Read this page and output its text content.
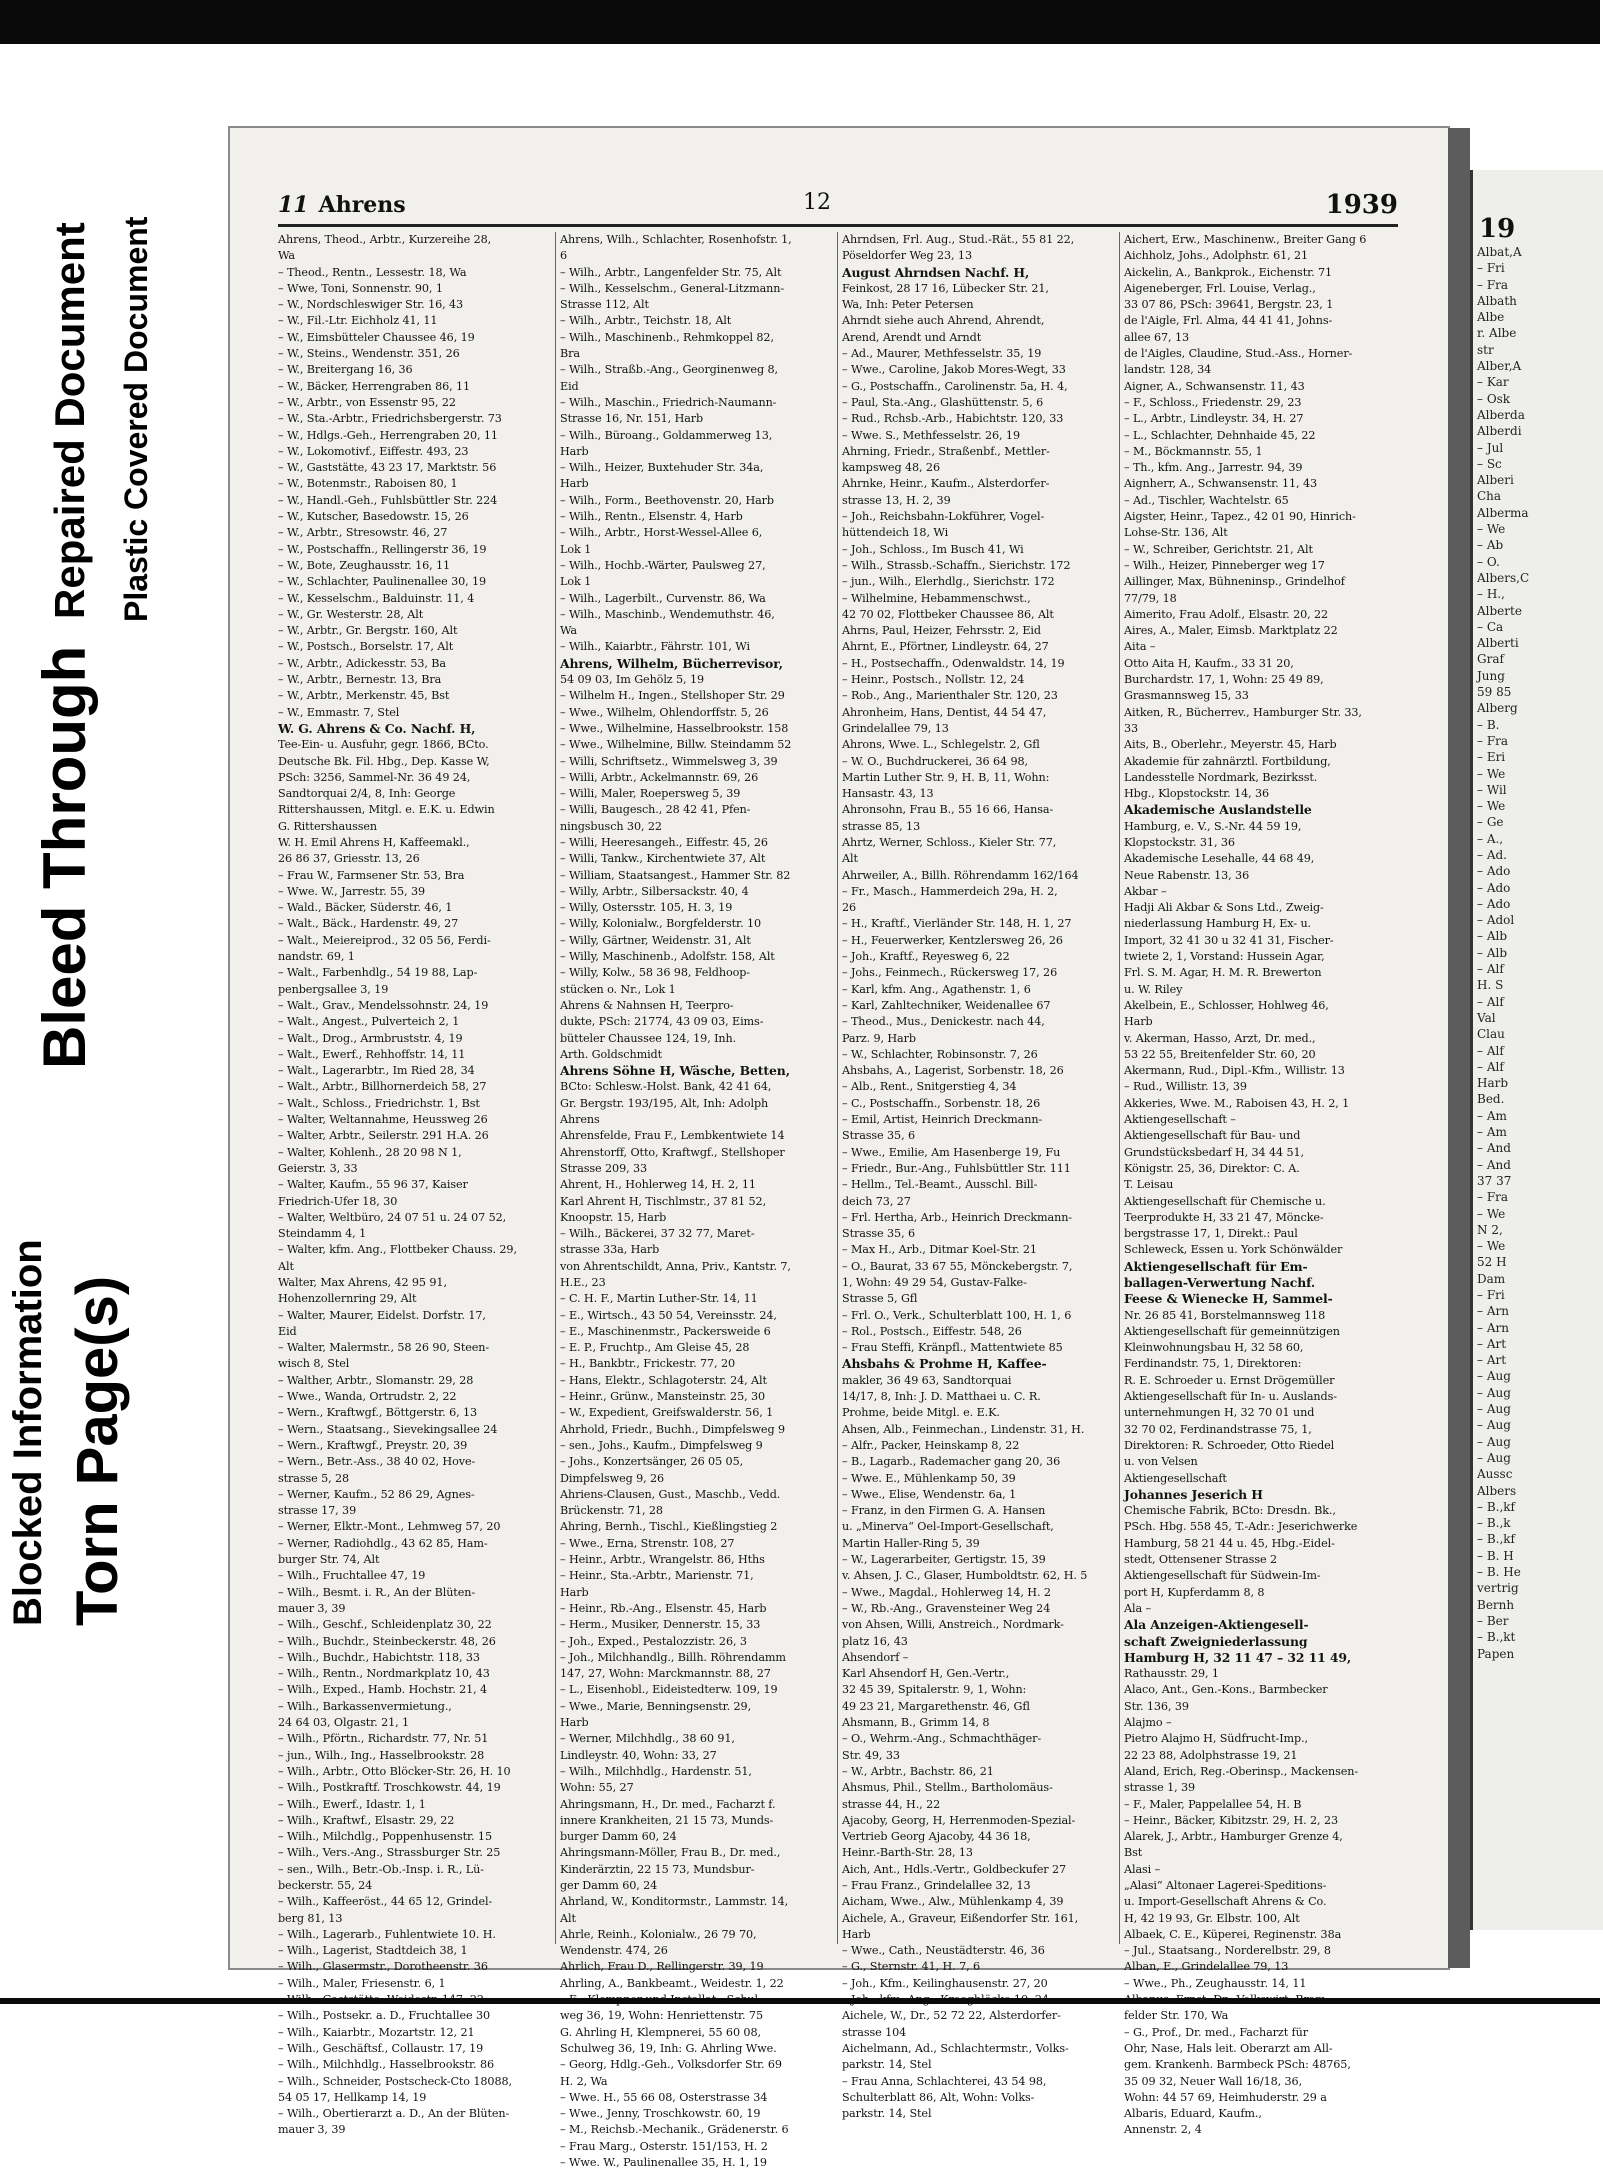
Blocked Information Torn Page(s)
Bleed Through
Repaired Document Plastic Covered Document
11 Ahrens	12	1939
Ahrens, Theod., Arbtr., Kurzereihe 28,
Wa
– Theod., Rentn., Lessestr. 18, Wa
– Wwe, Toni, Sonnenstr. 90, 1
– W., Nordschleswiger Str. 16, 43
– W., Fil.-Ltr. Eichholz 41, 11
– W., Eimsbütteler Chaussee 46, 19
– W., Steins., Wendenstr. 351, 26
– W., Breitergang 16, 36
– W., Bäcker, Herrengraben 86, 11
– W., Arbtr., von Essenstr 95, 22
– W., Sta.-Arbtr., Friedrichsbergerstr. 73
– W., Hdlgs.-Geh., Herrengraben 20, 11
– W., Lokomotivf., Eiffestr. 493, 23
– W., Gaststätte, 43 23 17, Marktstr. 56
– W., Botenmstr., Raboisen 80, 1
– W., Handl.-Geh., Fuhlsbüttler Str. 224
– W., Kutscher, Basedowstr. 15, 26
– W., Arbtr., Stresowstr. 46, 27
– W., Postschaffn., Rellingerstr 36, 19
– W., Bote, Zeughausstr. 16, 11
– W., Schlachter, Paulinenallee 30, 19
– W., Kesselschm., Balduinstr. 11, 4
– W., Gr. Westerstr. 28, Alt
– W., Arbtr., Gr. Bergstr. 160, Alt
– W., Postsch., Borselstr. 17, Alt
– W., Arbtr., Adickesstr. 53, Ba
– W., Arbtr., Bernestr. 13, Bra
– W., Arbtr., Merkenstr. 45, Bst
– W., Emmastr. 7, Stel
W. G. Ahrens & Co. Nachf. H,
Tee-Ein- u. Ausfuhr, gegr. 1866, BCto.
Deutsche Bk. Fil. Hbg., Dep. Kasse W,
PSch: 3256, Sammel-Nr. 36 49 24,
Sandtorquai 2/4, 8, Inh: George
Rittershaussen, Mitgl. e. E.K. u. Edwin
G. Rittershaussen
W. H. Emil Ahrens H, Kaffeemakl.,
26 86 37, Griesstr. 13, 26
– Frau W., Farmsener Str. 53, Bra
– Wwe. W., Jarrestr. 55, 39
– Wald., Bäcker, Süderstr. 46, 1
– Walt., Bäck., Hardenstr. 49, 27
– Walt., Meiereiprod., 32 05 56, Ferdi-
nandstr. 69, 1
– Walt., Farbenhdlg., 54 19 88, Lap-
penbergsallee 3, 19
– Walt., Grav., Mendelssohnstr. 24, 19
– Walt., Angest., Pulverteich 2, 1
– Walt., Drog., Armbruststr. 4, 19
– Walt., Ewerf., Rehhoffstr. 14, 11
– Walt., Lagerarbtr., Im Ried 28, 34
– Walt., Arbtr., Billhornerdeich 58, 27
– Walt., Schloss., Friedrichstr. 1, Bst
– Walter, Weltannahme, Heussweg 26
– Walter, Arbtr., Seilerstr. 291 H.A. 26
– Walter, Kohlenh., 28 20 98 N 1,
Geierstr. 3, 33
– Walter, Kaufm., 55 96 37, Kaiser
Friedrich-Ufer 18, 30
– Walter, Weltbüro, 24 07 51 u. 24 07 52,
Steindamm 4, 1
– Walter, kfm. Ang., Flottbeker Chauss. 29,
Alt
Walter, Max Ahrens, 42 95 91,
Hohenzollernring 29, Alt
– Walter, Maurer, Eidelst. Dorfstr. 17,
Eid
– Walter, Malermstr., 58 26 90, Steen-
wisch 8, Stel
– Walther, Arbtr., Slomanstr. 29, 28
– Wwe., Wanda, Ortrudstr. 2, 22
– Wern., Kraftwgf., Böttgerstr. 6, 13
– Wern., Staatsang., Sievekingsallee 24
– Wern., Kraftwgf., Preystr. 20, 39
– Wern., Betr.-Ass., 38 40 02, Hove-
strasse 5, 28
– Werner, Kaufm., 52 86 29, Agnes-
strasse 17, 39
– Werner, Elktr.-Mont., Lehmweg 57, 20
– Werner, Radiohdlg., 43 62 85, Ham-
burger Str. 74, Alt
– Wilh., Fruchtallee 47, 19
– Wilh., Besmt. i. R., An der Blüten-
mauer 3, 39
– Wilh., Geschf., Schleidenplatz 30, 22
– Wilh., Buchdr., Steinbeckerstr. 48, 26
– Wilh., Buchdr., Habichtstr. 118, 33
– Wilh., Rentn., Nordmarkplatz 10, 43
– Wilh., Exped., Hamb. Hochstr. 21, 4
– Wilh., Barkassenvermietung.,
24 64 03, Olgastr. 21, 1
– Wilh., Pförtn., Richardstr. 77, Nr. 51
– jun., Wilh., Ing., Hasselbrookstr. 28
– Wilh., Arbtr., Otto Blöcker-Str. 26, H. 10
– Wilh., Postkraftf. Troschkowstr. 44, 19
– Wilh., Ewerf., Idastr. 1, 1
– Wilh., Kraftwf., Elsastr. 29, 22
– Wilh., Milchdlg., Poppenhusenstr. 15
– Wilh., Vers.-Ang., Strassburger Str. 25
– sen., Wilh., Betr.-Ob.-Insp. i. R., Lü-
beckerstr. 55, 24
– Wilh., Kaffeeröst., 44 65 12, Grindel-
berg 81, 13
– Wilh., Lagerarb., Fuhlentwiete 10. H.
– Wilh., Lagerist, Stadtdeich 38, 1
– Wilh., Glasermstr., Dorotheenstr. 36
– Wilh., Maler, Friesenstr. 6, 1
– Wilh., Postsekr. a. D., Fruchtallee 30
– Wilh., Kaiarbtr., Mozartstr. 12, 21
– Wilh., Geschäftsf., Collaustr. 17, 19
– Wilh., Milchhdlg., Hasselbrookstr. 86
– Wilh., Schneider, Postscheck-Cto 18088,
54 05 17, Hellkamp 14, 19
– Wilh., Obertierarzt a. D., An der Blüten-
mauer 3, 39
Ahrens, Wilh., Schlachter, Rosenhofstr. 1,
6
– Wilh., Arbtr., Langenfelder Str. 75, Alt
– Wilh., Kesselschm., General-Litzmann-
Strasse 112, Alt
– Wilh., Arbtr., Teichstr. 18, Alt
– Wilh., Maschinenb., Rehmkoppel 82,
Bra
– Wilh., Straßb.-Ang., Georginenweg 8,
Eid
– Wilh., Maschin., Friedrich-Naumann-
Strasse 16, Nr. 151, Harb
– Wilh., Büroang., Goldammerweg 13,
Harb
– Wilh., Heizer, Buxtehuder Str. 34a,
Harb
– Wilh., Form., Beethovenstr. 20, Harb
– Wilh., Rentn., Elsenstr. 4, Harb
– Wilh., Arbtr., Horst-Wessel-Allee 6,
Lok 1
– Wilh., Hochb.-Wärter, Paulsweg 27,
Lok 1
– Wilh., Lagerbilt., Curvenstr. 86, Wa
– Wilh., Maschinb., Wendemuthstr. 46,
Wa
– Wilh., Kaiarbtr., Fährstr. 101, Wi
Ahrens, Wilhelm, Bücherrevisor,
54 09 03, Im Gehölz 5, 19
– Wilhelm H., Ingen., Stellshoper Str. 29
– Wwe., Wilhelm, Ohlendorffstr. 5, 26
– Wwe., Wilhelmine, Hasselbrookstr. 158
– Wwe., Wilhelmine, Billw. Steindamm 52
– Willi, Schriftsetz., Wimmelsweg 3, 39
– Willi, Arbtr., Ackelmannstr. 69, 26
– Willi, Maler, Roepersweg 5, 39
– Willi, Baugesch., 28 42 41, Pfen-
ningsbusch 30, 22
– Willi, Heeresangeh., Eiffestr. 45, 26
– Willi, Tankw., Kirchentwiete 37, Alt
– William, Staatsangest., Hammer Str. 82
– Willy, Arbtr., Silbersackstr. 40, 4
– Willy, Ostersstr. 105, H. 3, 19
– Willy, Kolonialw., Borgfelderstr. 10
– Willy, Gärtner, Weidenstr. 31, Alt
– Willy, Maschinenb., Adolfstr. 158, Alt
– Willy, Kolw., 58 36 98, Feldhoop-
stücken o. Nr., Lok 1
Ahrens & Nahnsen H, Teerpro-
dukte, PSch: 21774, 43 09 03, Eims-
bütteler Chaussee 124, 19, Inh.
Arth. Goldschmidt
Ahrens Söhne H, Wäsche, Betten,
BCto: Schlesw.-Holst. Bank, 42 41 64,
Gr. Bergstr. 193/195, Alt, Inh: Adolph
Ahrens
Ahrensfelde, Frau F., Lembkentwiete 14
Ahrenstorff, Otto, Kraftwgf., Stellshoper
Strasse 209, 33
Ahrent, H., Hohlerweg 14, H. 2, 11
Karl Ahrent H, Tischlmstr., 37 81 52,
Knoopstr. 15, Harb
– Wilh., Bäckerei, 37 32 77, Maret-
strasse 33a, Harb
von Ahrentschildt, Anna, Priv., Kantstr. 7,
H.E., 23
– C. H. F., Martin Luther-Str. 14, 11
– E., Wirtsch., 43 50 54, Vereinsstr. 24,
– E., Maschinenmstr., Packersweide 6
– E. P., Fruchtp., Am Gleise 45, 28
– H., Bankbtr., Frickestr. 77, 20
– Hans, Elektr., Schlagoterstr. 24, Alt
– Heinr., Grünw., Mansteinstr. 25, 30
– W., Expedient, Greifswalderstr. 56, 1
Ahrhold, Friedr., Buchh., Dimpfelsweg 9
– sen., Johs., Kaufm., Dimpfelsweg 9
– Johs., Konzertsänger, 26 05 05,
Dimpfelsweg 9, 26
Ahriens-Clausen, Gust., Maschb., Vedd.
Brückenstr. 71, 28
Ahring, Bernh., Tischl., Kießlingstieg 2
– Wwe., Erna, Strenstr. 108, 27
– Heinr., Arbtr., Wrangelstr. 86, Hths
– Heinr., Sta.-Arbtr., Marienstr. 71,
Harb
– Heinr., Rb.-Ang., Elsenstr. 45, Harb
– Herm., Musiker, Dennerstr. 15, 33
– Joh., Exped., Pestalozzistr. 26, 3
– Joh., Milchhandlg., Billh. Röhrendamm
147, 27, Wohn: Marckmannstr. 88, 27
– L., Eisenhobl., Eideistedterw. 109, 19
– Wwe., Marie, Benningsenstr. 29,
Harb
– Werner, Milchhdlg., 38 60 91,
Lindleystr. 40, Wohn: 33, 27
– Wilh., Milchhdlg., Hardenstr. 51,
Wohn: 55, 27
Ahringsmann, H., Dr. med., Facharzt f.
innere Krankheiten, 21 15 73, Munds-
burger Damm 60, 24
Ahringsmann-Möller, Frau B., Dr. med.,
Kinderärztin, 22 15 73, Mundsbur-
ger Damm 60, 24
Ahrland, W., Konditormstr., Lammstr. 14,
Alt
Ahrle, Reinh., Kolonialw., 26 79 70,
Wendenstr. 474, 26
Ahrlich, Frau D., Rellingerstr. 39, 19
Ahrling, A., Bankbeamt., Weidestr. 1, 22
weg 36, 19, Wohn: Henriettenstr. 75
G. Ahrling H, Klempnerei, 55 60 08,
Schulweg 36, 19, Inh: G. Ahrling Wwe.
– Georg, Hdlg.-Geh., Volksdorfer Str. 69
H. 2, Wa
– Wwe. H., 55 66 08, Osterstrasse 34
– Wwe., Jenny, Troschkowstr. 60, 19
– M., Reichsb.-Mechanik., Grädenerstr. 6
– Frau Marg., Osterstr. 151/153, H. 2
– Wwe. W., Paulinenallee 35, H. 1, 19
Ahrndsen, Frl. Aug., Stud.-Rät., 55 81 22,
Pöseldorfer Weg 23, 13
August Ahrndsen Nachf. H,
Feinkost, 28 17 16, Lübecker Str. 21,
Wa, Inh: Peter Petersen
Ahrndt siehe auch Ahrend, Ahrendt,
Arend, Arendt und Arndt
– Ad., Maurer, Methfesselstr. 35, 19
– Wwe., Caroline, Jakob Mores-Wegt, 33
– G., Postschaffn., Carolinenstr. 5a, H. 4,
– Paul, Sta.-Ang., Glashüttenstr. 5, 6
– Rud., Rchsb.-Arb., Habichtstr. 120, 33
– Wwe. S., Methfesselstr. 26, 19
Ahrning, Friedr., Straßenbf., Mettler-
kampsweg 48, 26
Ahrnke, Heinr., Kaufm., Alsterdorfer-
strasse 13, H. 2, 39
– Joh., Reichsbahn-Lokführer, Vogel-
hüttendeich 18, Wi
– Joh., Schloss., Im Busch 41, Wi
– Wilh., Strassb.-Schaffn., Sierichstr. 172
– jun., Wilh., Elerhdlg., Sierichstr. 172
– Wilhelmine, Hebammenschwst.,
42 70 02, Flottbeker Chaussee 86, Alt
Ahrns, Paul, Heizer, Fehrsstr. 2, Eid
Ahrnt, E., Pförtner, Lindleystr. 64, 27
– H., Postsechaffn., Odenwaldstr. 14, 19
– Heinr., Postsch., Nollstr. 12, 24
– Rob., Ang., Marienthaler Str. 120, 23
Ahronheim, Hans, Dentist, 44 54 47,
Grindelallee 79, 13
Ahrons, Wwe. L., Schlegelstr. 2, Gfl
– W. O., Buchdruckerei, 36 64 98,
Martin Luther Str. 9, H. B, 11, Wohn:
Hansastr. 43, 13
Ahronsohn, Frau B., 55 16 66, Hansa-
strasse 85, 13
Ahrtz, Werner, Schloss., Kieler Str. 77,
Alt
Ahrweiler, A., Billh. Röhrendamm 162/164
– Fr., Masch., Hammerdeich 29a, H. 2,
26
– H., Kraftf., Vierländer Str. 148, H. 1, 27
– H., Feuerwerker, Kentzlersweg 26, 26
– Joh., Kraftf., Reyesweg 6, 22
– Johs., Feinmech., Rückersweg 17, 26
– Karl, kfm. Ang., Agathenstr. 1, 6
– Karl, Zahltechniker, Weidenallee 67
– Theod., Mus., Denickestr. nach 44,
Parz. 9, Harb
– W., Schlachter, Robinsonstr. 7, 26
Ahsbahs, A., Lagerist, Sorbenstr. 18, 26
– Alb., Rent., Snitgerstieg 4, 34
– C., Postschaffn., Sorbenstr. 18, 26
– Emil, Artist, Heinrich Dreckmann-
Strasse 35, 6
– Wwe., Emilie, Am Hasenberge 19, Fu
– Friedr., Bur.-Ang., Fuhlsbüttler Str. 111
– Hellm., Tel.-Beamt., Ausschl. Bill-
deich 73, 27
– Frl. Hertha, Arb., Heinrich Dreckmann-
Strasse 35, 6
– Max H., Arb., Ditmar Koel-Str. 21
– O., Baurat, 33 67 55, Mönckebergstr. 7,
1, Wohn: 49 29 54, Gustav-Falke-
Strasse 5, Gfl
– Frl. O., Verk., Schulterblatt 100, H. 1, 6
– Rol., Postsch., Eiffestr. 548, 26
– Frau Steffi, Kränpfl., Mattentwiete 85
Ahsbahs & Prohme H, Kaffee-
makler, 36 49 63, Sandtorquai
14/17, 8, Inh: J. D. Matthaei u. C. R.
Prohme, beide Mitgl. e. E.K.
Ahsen, Alb., Feinmechan., Lindenstr. 31, H.
– Alfr., Packer, Heinskamp 8, 22
– B., Lagarb., Rademacher gang 20, 36
– Wwe. E., Mühlenkamp 50, 39
– Wwe., Elise, Wendenstr. 6a, 1
– Franz, in den Firmen G. A. Hansen
u. „Minerva“ Oel-Import-Gesellschaft,
Martin Haller-Ring 5, 39
– W., Lagerarbeiter, Gertigstr. 15, 39
v. Ahsen, J. C., Glaser, Humboldtstr. 62, H. 5
– Wwe., Magdal., Hohlerweg 14, H. 2
– W., Rb.-Ang., Gravensteiner Weg 24
von Ahsen, Willi, Anstreich., Nordmark-
platz 16, 43
Ahsendorf –
Karl Ahsendorf H, Gen.-Vertr.,
32 45 39, Spitalerstr. 9, 1, Wohn:
49 23 21, Margarethenstr. 46, Gfl
Ahsmann, B., Grimm 14, 8
– O., Wehrm.-Ang., Schmachthäger-
Str. 49, 33
– W., Arbtr., Bachstr. 86, 21
Ahsmus, Phil., Stellm., Bartholomäus-
strasse 44, H., 22
Ajacoby, Georg, H, Herrenmoden-Spezial-
Vertrieb Georg Ajacoby, 44 36 18,
Heinr.-Barth-Str. 28, 13
Aich, Ant., Hdls.-Vertr., Goldbeckufer 27
– Frau Franz., Grindelallee 32, 13
Aicham, Wwe., Alw., Mühlenkamp 4, 39
Aichele, A., Graveur, Eißendorfer Str. 161,
Harb
– Wwe., Cath., Neustädterstr. 46, 36
– G., Sternstr. 41, H. 7, 6
– Joh., Kfm., Keilinghausenstr. 27, 20
Aichele, W., Dr., 52 72 22, Alsterdorfer-
strasse 104
Aichelmann, Ad., Schlachtermstr., Volks-
parkstr. 14, Stel
– Frau Anna, Schlachterei, 43 54 98,
Schulterblatt 86, Alt, Wohn: Volks-
parkstr. 14, Stel
Aichert, Erw., Maschinenw., Breiter Gang 6
Aichholz, Johs., Adolphstr. 61, 21
Aickelin, A., Bankprok., Eichenstr. 71
Aigeneberger, Frl. Louise, Verlag.,
33 07 86, PSch: 39641, Bergstr. 23, 1
de l'Aigle, Frl. Alma, 44 41 41, Johns-
allee 67, 13
de l'Aigles, Claudine, Stud.-Ass., Horner-
landstr. 128, 34
Aigner, A., Schwansenstr. 11, 43
– F., Schloss., Friedenstr. 29, 23
– L., Arbtr., Lindleystr. 34, H. 27
– L., Schlachter, Dehnhaide 45, 22
– M., Böckmannstr. 55, 1
– Th., kfm. Ang., Jarrestr. 94, 39
Aignherr, A., Schwansenstr. 11, 43
– Ad., Tischler, Wachtelstr. 65
Aigster, Heinr., Tapez., 42 01 90, Hinrich-
Lohse-Str. 136, Alt
– W., Schreiber, Gerichtstr. 21, Alt
– Wilh., Heizer, Pinneberger weg 17
Aillinger, Max, Bühneninsp., Grindelhof
77/79, 18
Aimerito, Frau Adolf., Elsastr. 20, 22
Aires, A., Maler, Eimsb. Marktplatz 22
Aita –
Otto Aita H, Kaufm., 33 31 20,
Burchardstr. 17, 1, Wohn: 25 49 89,
Grasmannsweg 15, 33
Aitken, R., Bücherrev., Hamburger Str. 33,
33
Aits, B., Oberlehr., Meyerstr. 45, Harb
Akademie für zahnärztl. Fortbildung,
Landesstelle Nordmark, Bezirksst.
Hbg., Klopstockstr. 14, 36
Akademische Auslandstelle
Hamburg, e. V., S.-Nr. 44 59 19,
Klopstockstr. 31, 36
Akademische Lesehalle, 44 68 49,
Neue Rabenstr. 13, 36
Akbar –
Hadji Ali Akbar & Sons Ltd., Zweig-
niederlassung Hamburg H, Ex- u.
Import, 32 41 30 u 32 41 31, Fischer-
twiete 2, 1, Vorstand: Hussein Agar,
Frl. S. M. Agar, H. M. R. Brewerton
u. W. Riley
Akelbein, E., Schlosser, Hohlweg 46,
Harb
v. Akerman, Hasso, Arzt, Dr. med.,
53 22 55, Breitenfelder Str. 60, 20
Akermann, Rud., Dipl.-Kfm., Willistr. 13
– Rud., Willistr. 13, 39
Akkeries, Wwe. M., Raboisen 43, H. 2, 1
Aktiengesellschaft –
Aktiengesellschaft für Bau- und
Grundstücksbedarf H, 34 44 51,
Königstr. 25, 36, Direktor: C. A.
T. Leisau
Aktiengesellschaft für Chemische u.
Teerprodukte H, 33 21 47, Mönckе-
bergstrasse 17, 1, Direkt.: Paul
Schleweck, Essen u. York Schönwälder
Aktiengesellschaft für Em-
ballagen-Verwertung Nachf.
Feese & Wienecke H, Sammel-
Nr. 26 85 41, Borstelmannsweg 118
Aktiengesellschaft für gemeinnützigen
Kleinwohnungsbau H, 32 58 60,
Ferdinandstr. 75, 1, Direktoren:
R. E. Schroeder u. Ernst Drögemüller
Aktiengesellschaft für In- u. Auslands-
unternehmungen H, 32 70 01 und
32 70 02, Ferdinandstrasse 75, 1,
Direktoren: R. Schroeder, Otto Riedel
u. von Velsen
Aktiengesellschaft
Johannes Jeserich H
Chemische Fabrik, BCto: Dresdn. Bk.,
PSch. Hbg. 558 45, T.-Adr.: Jeserichwerke
Hamburg, 58 21 44 u. 45, Hbg.-Eidel-
stedt, Ottensener Strasse 2
Aktiengesellschaft für Südwein-Im-
port H, Kupferdamm 8, 8
Ala –
Ala Anzeigen-Aktiengesell-
schaft Zweigniederlassung
Hamburg H, 32 11 47 – 32 11 49,
Rathausstr. 29, 1
Alaco, Ant., Gen.-Kons., Barmbecker
Str. 136, 39
Alajmo –
Pietro Alajmo H, Südfrucht-Imp.,
22 23 88, Adolphstrasse 19, 21
Aland, Erich, Reg.-Oberinsp., Mackensen-
strasse 1, 39
– F., Maler, Pappelallee 54, H. B
– Heinr., Bäcker, Kibitzstr. 29, H. 2, 23
Alarek, J., Arbtr., Hamburger Grenze 4,
Bst
Alasi –
„Alasi“ Altonaer Lagerei-Speditions-
u. Import-Gesellschaft Ahrens & Co.
H, 42 19 93, Gr. Elbstr. 100, Alt
Albaek, C. E., Küperei, Reginenstr. 38a
– Jul., Staatsang., Norderelbstr. 29, 8
Alban, E., Grindelallee 79, 13
– Wwe., Ph., Zeughausstr. 14, 11
felder Str. 170, Wa
– G., Prof., Dr. med., Facharzt für
Ohr, Nase, Hals leit. Oberarzt am All-
gem. Krankenh. Barmbeck PSch: 48765,
35 09 32, Neuer Wall 16/18, 36,
Wohn: 44 57 69, Heimhuderstr. 29 a
Albaris, Eduard, Kaufm.,
Annenstr. 2, 4
19
Albat,A
– Fri
– Fra
Albath
Albe
r. Albe
str
Alber,A
– Kar
– Osk
Alberda
Alberdi
– Jul
– Sc
Alberi
Cha
Alberma
– We
– Ab
– O.
Albers,C
– H.,
Alberte
– Ca
Alberti
Graf
Jung
59 85
Alberg
– B.
– Fra
– Eri
– We
– Wil
– We
– Ge
– A.,
– Ad.
– Ado
– Ado
– Ado
– Adol
– Alb
– Alb
– Alf
H. S
– Alf
Val
Clau
– Alf
– Alf
Harb
Bed.
– Am
– Am
– And
– And
37 37
– Fra
– We
N 2,
– We
52 H
Dam
– Fri
– Arn
– Arn
– Art
– Art
– Aug
– Aug
– Aug
– Aug
– Aug
– Aug
Aussc
Albers
– B.,kf
– B.,k
– B.,kf
– B. H
– B. He
vertrig
Bernh
– Ber
– B.,kt
Papen
